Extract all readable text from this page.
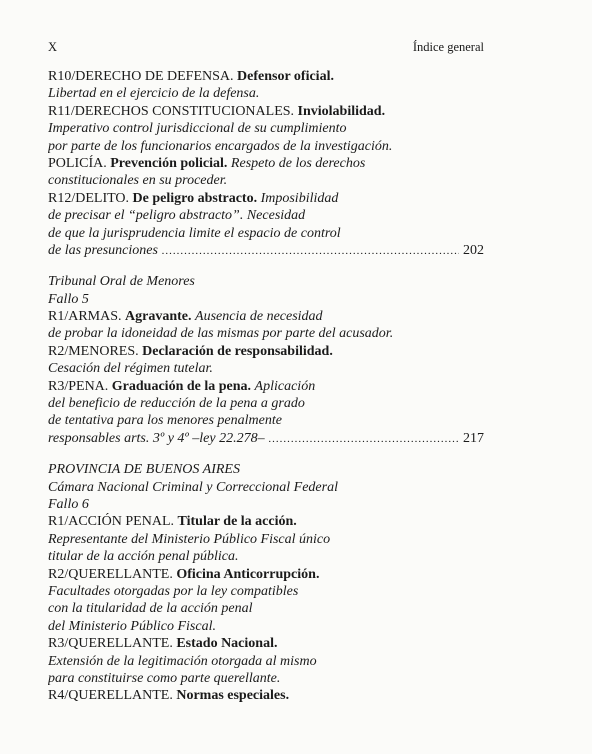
X	Índice general
R10/DERECHO DE DEFENSA. Defensor oficial.
Libertad en el ejercicio de la defensa.
R11/DERECHOS CONSTITUCIONALES. Inviolabilidad.
Imperativo control jurisdiccional de su cumplimiento
por parte de los funcionarios encargados de la investigación.
POLICÍA. Prevención policial. Respeto de los derechos
constitucionales en su proceder.
R12/DELITO. De peligro abstracto. Imposibilidad
de precisar el “peligro abstracto”. Necesidad
de que la jurisprudencia limite el espacio de control
de las presunciones .....	202
Tribunal Oral de Menores
Fallo 5
R1/ARMAS. Agravante. Ausencia de necesidad
de probar la idoneidad de las mismas por parte del acusador.
R2/MENORES. Declaración de responsabilidad.
Cesación del régimen tutelar.
R3/PENA. Graduación de la pena. Aplicación
del beneficio de reducción de la pena a grado
de tentativa para los menores penalmente
responsables arts. 3º y 4º –ley 22.278– .....	217
PROVINCIA DE BUENOS AIRES
Cámara Nacional Criminal y Correccional Federal
Fallo 6
R1/ACCIÓN PENAL. Titular de la acción.
Representante del Ministerio Público Fiscal único
titular de la acción penal pública.
R2/QUERELLANTE. Oficina Anticorrupción.
Facultades otorgadas por la ley compatibles
con la titularidad de la acción penal
del Ministerio Público Fiscal.
R3/QUERELLANTE. Estado Nacional.
Extensión de la legitimación otorgada al mismo
para constituirse como parte querellante.
R4/QUERELLANTE. Normas especiales.
